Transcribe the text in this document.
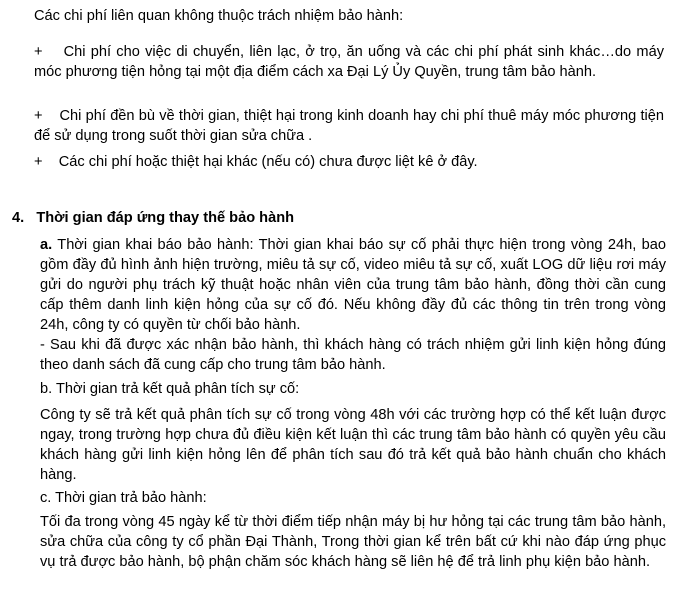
Các chi phí liên quan không thuộc trách nhiệm bảo hành:

+ Chi phí cho việc di chuyển, liên lạc, ở trọ, ăn uống và các chi phí phát sinh khác…do máy móc phương tiện hỏng tại một địa điểm cách xa Đại Lý Ủy Quyền, trung tâm bảo hành.

+ Chi phí đền bù về thời gian, thiệt hại trong kinh doanh hay chi phí thuê máy móc phương tiện để sử dụng trong suốt thời gian sửa chữa .

+ Các chi phí hoặc thiệt hại khác (nếu có) chưa được liệt kê ở đây.

4. Thời gian đáp ứng thay thế bảo hành

a. Thời gian khai báo bảo hành: Thời gian khai báo sự cố phải thực hiện trong vòng 24h, bao gồm đầy đủ hình ảnh hiện trường, miêu tả sự cố, video miêu tả sự cố, xuất LOG dữ liệu rơi máy gửi do người phụ trách kỹ thuật hoặc nhân viên của trung tâm bảo hành, đồng thời cần cung cấp thêm danh linh kiện hỏng của sự cố đó. Nếu không đầy đủ các thông tin trên trong vòng 24h, công ty có quyền từ chối bảo hành.

- Sau khi đã được xác nhận bảo hành, thì khách hàng có trách nhiệm gửi linh kiện hỏng đúng theo danh sách đã cung cấp cho trung tâm bảo hành.

b. Thời gian trả kết quả phân tích sự cố:

Công ty sẽ trả kết quả phân tích sự cố trong vòng 48h với các trường hợp có thể kết luận được ngay, trong trường hợp chưa đủ điều kiện kết luận thì các trung tâm bảo hành có quyền yêu cầu khách hàng gửi linh kiện hỏng lên để phân tích sau đó trả kết quả bảo hành chuẩn cho khách hàng.

c. Thời gian trả bảo hành:

Tối đa trong vòng 45 ngày kể từ thời điểm tiếp nhận máy bị hư hỏng tại các trung tâm bảo hành, sửa chữa của công ty cổ phần Đại Thành, Trong thời gian kể trên bất cứ khi nào đáp ứng phục vụ trả được bảo hành, bộ phận chăm sóc khách hàng sẽ liên hệ để trả linh phụ kiện bảo hành.
